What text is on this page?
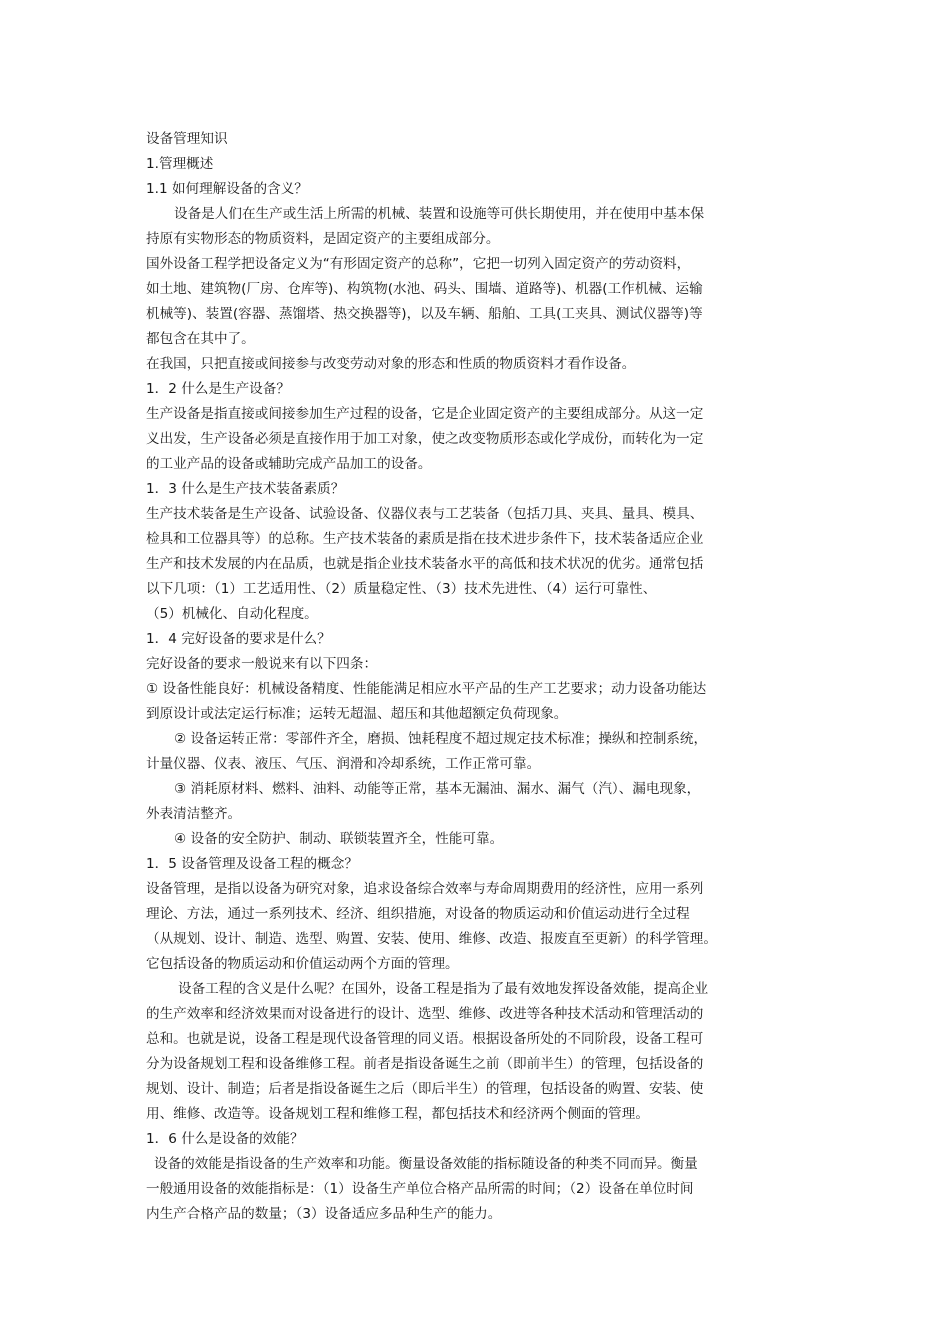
设备管理知识
1.管理概述
1.1 如何理解设备的含义？
设备是人们在生产或生活上所需的机械、装置和设施等可供长期使用，并在使用中基本保
持原有实物形态的物质资料，是固定资产的主要组成部分。
国外设备工程学把设备定义为“有形固定资产的总称”，它把一切列入固定资产的劳动资料，
如土地、建筑物(厂房、仓库等)、构筑物(水池、码头、围墙、道路等)、机器(工作机械、运输
机械等)、装置(容器、蒸馏塔、热交换器等)，以及车辆、船舶、工具(工夹具、测试仪器等)等
都包含在其中了。
在我国，只把直接或间接参与改变劳动对象的形态和性质的物质资料才看作设备。
1．2 什么是生产设备？
生产设备是指直接或间接参加生产过程的设备，它是企业固定资产的主要组成部分。从这一定
义出发，生产设备必须是直接作用于加工对象，使之改变物质形态或化学成份，而转化为一定
的工业产品的设备或辅助完成产品加工的设备。
1．3 什么是生产技术装备素质？
生产技术装备是生产设备、试验设备、仪器仪表与工艺装备（包括刀具、夹具、量具、模具、
检具和工位器具等）的总称。生产技术装备的素质是指在技术进步条件下，技术装备适应企业
生产和技术发展的内在品质，也就是指企业技术装备水平的高低和技术状况的优劣。通常包括
以下几项：（1）工艺适用性、（2）质量稳定性、（3）技术先进性、（4）运行可靠性、
（5）机械化、自动化程度。
1．4 完好设备的要求是什么？
完好设备的要求一般说来有以下四条：
① 设备性能良好：机械设备精度、性能能满足相应水平产品的生产工艺要求；动力设备功能达
到原设计或法定运行标准；运转无超温、超压和其他超额定负荷现象。
② 设备运转正常：零部件齐全，磨损、蚀耗程度不超过规定技术标准；操纵和控制系统，
计量仪器、仪表、液压、气压、润滑和冷却系统，工作正常可靠。
③ 消耗原材料、燃料、油料、动能等正常，基本无漏油、漏水、漏气（汽）、漏电现象，
外表清洁整齐。
④ 设备的安全防护、制动、联锁装置齐全，性能可靠。
1．5 设备管理及设备工程的概念？
设备管理，是指以设备为研究对象，追求设备综合效率与寿命周期费用的经济性，应用一系列
理论、方法，通过一系列技术、经济、组织措施，对设备的物质运动和价值运动进行全过程
（从规划、设计、制造、选型、购置、安装、使用、维修、改造、报废直至更新）的科学管理。
它包括设备的物质运动和价值运动两个方面的管理。
设备工程的含义是什么呢？在国外，设备工程是指为了最有效地发挥设备效能，提高企业
的生产效率和经济效果而对设备进行的设计、选型、维修、改进等各种技术活动和管理活动的
总和。也就是说，设备工程是现代设备管理的同义语。根据设备所处的不同阶段，设备工程可
分为设备规划工程和设备维修工程。前者是指设备诞生之前（即前半生）的管理，包括设备的
规划、设计、制造；后者是指设备诞生之后（即后半生）的管理，包括设备的购置、安装、使
用、维修、改造等。设备规划工程和维修工程，都包括技术和经济两个侧面的管理。
1．6 什么是设备的效能？
设备的效能是指设备的生产效率和功能。衡量设备效能的指标随设备的种类不同而异。衡量
一般通用设备的效能指标是：（1）设备生产单位合格产品所需的时间；（2）设备在单位时间
内生产合格产品的数量；（3）设备适应多品种生产的能力。
